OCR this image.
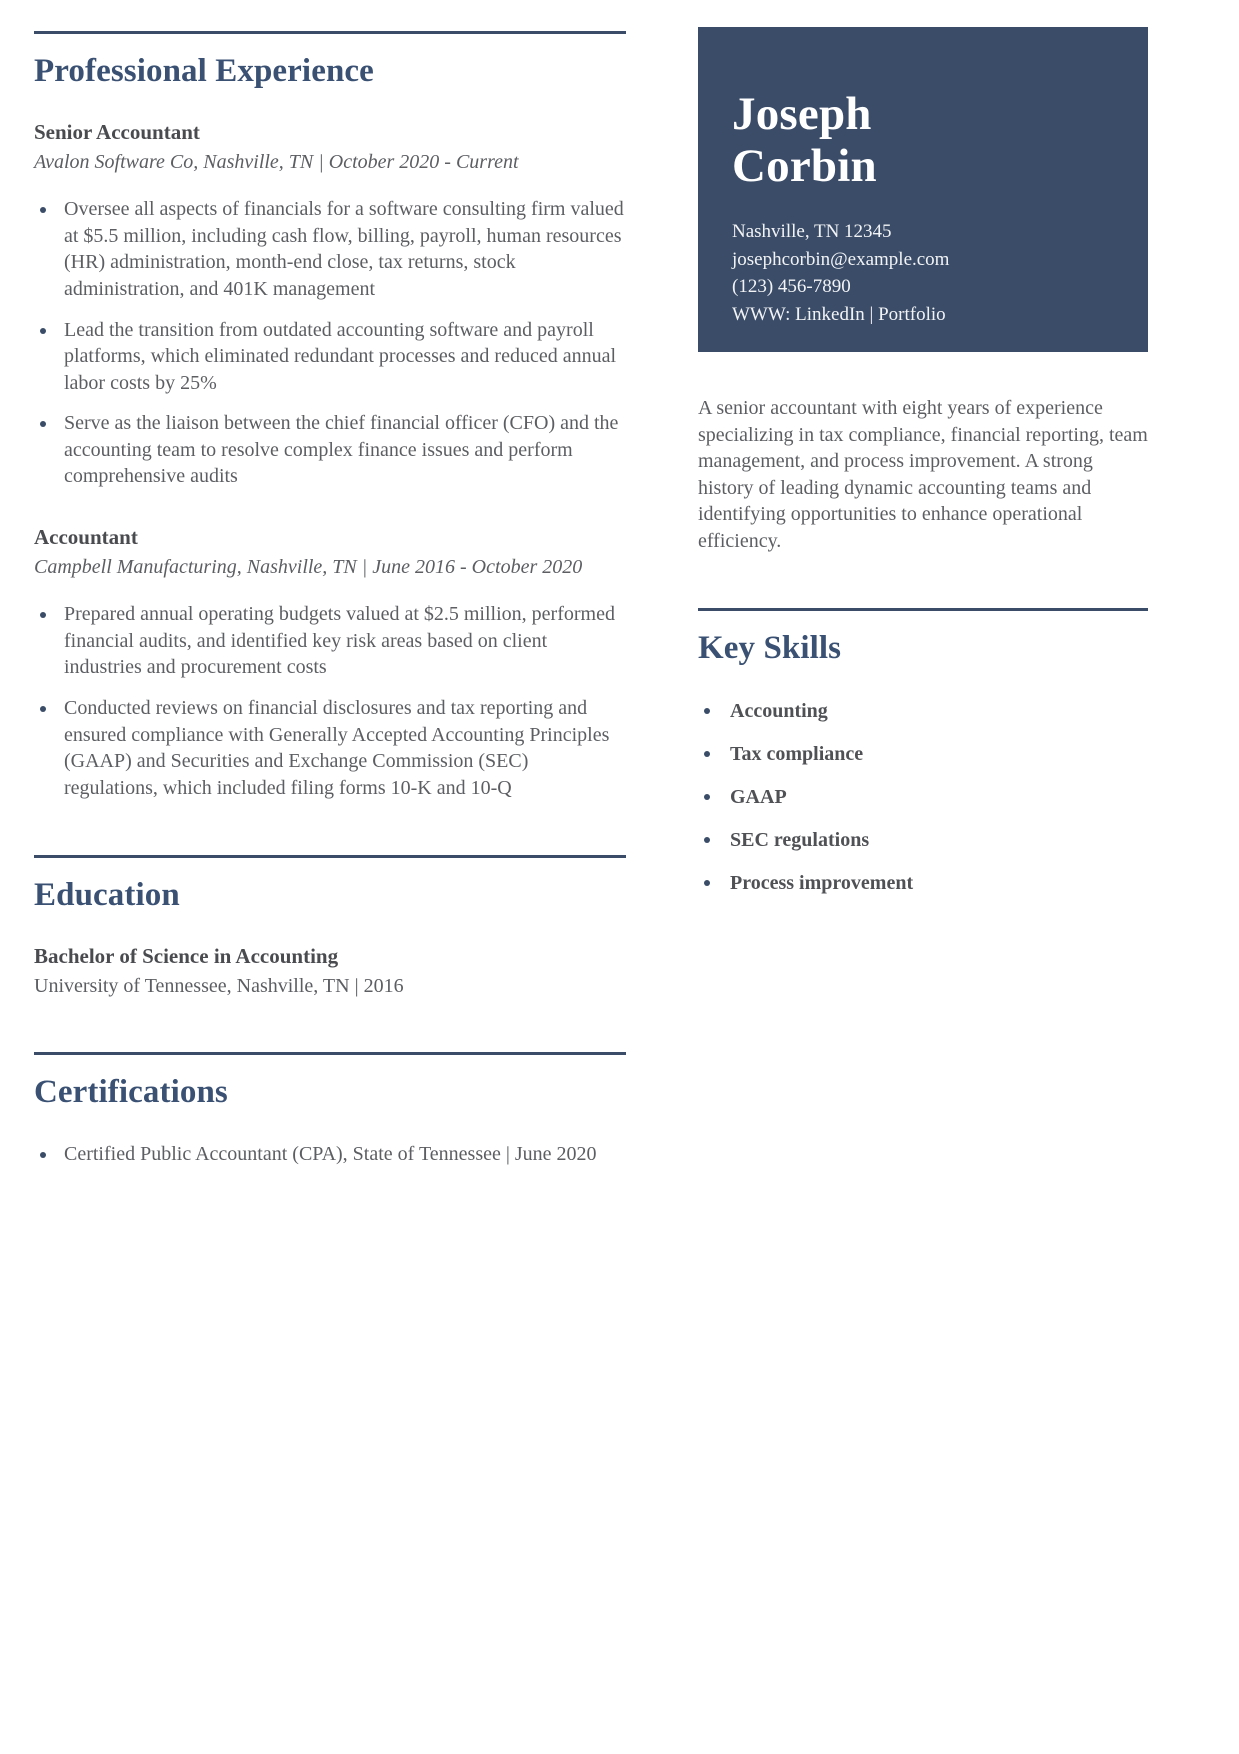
Joseph
Corbin
Nashville, TN 12345
josephcorbin@example.com
(123) 456-7890
WWW: LinkedIn | Portfolio
Professional Experience
Senior Accountant
Avalon Software Co, Nashville, TN | October 2020 - Current
Oversee all aspects of financials for a software consulting firm valued at $5.5 million, including cash flow, billing, payroll, human resources (HR) administration, month-end close, tax returns, stock administration, and 401K management
Lead the transition from outdated accounting software and payroll platforms, which eliminated redundant processes and reduced annual labor costs by 25%
Serve as the liaison between the chief financial officer (CFO) and the accounting team to resolve complex finance issues and perform comprehensive audits
Accountant
Campbell Manufacturing, Nashville, TN | June 2016 - October 2020
Prepared annual operating budgets valued at $2.5 million, performed financial audits, and identified key risk areas based on client industries and procurement costs
Conducted reviews on financial disclosures and tax reporting and ensured compliance with Generally Accepted Accounting Principles (GAAP) and Securities and Exchange Commission (SEC) regulations, which included filing forms 10-K and 10-Q
Education
Bachelor of Science in Accounting
University of Tennessee, Nashville, TN | 2016
Certifications
Certified Public Accountant (CPA), State of Tennessee | June 2020
A senior accountant with eight years of experience specializing in tax compliance, financial reporting, team management, and process improvement. A strong history of leading dynamic accounting teams and identifying opportunities to enhance operational efficiency.
Key Skills
Accounting
Tax compliance
GAAP
SEC regulations
Process improvement
